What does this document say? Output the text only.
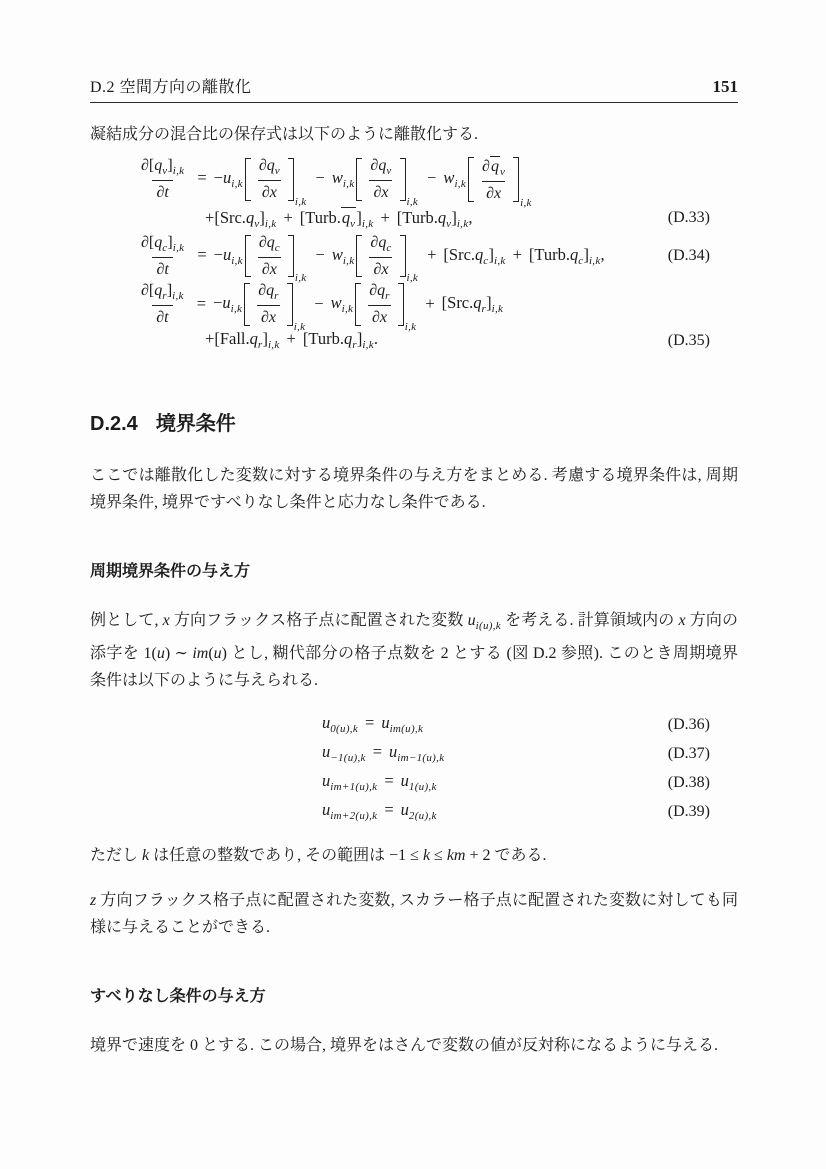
D.2 空間方向の離散化	151

凝結成分の混合比の保存式は以下のように離散化する.

$\frac{\partial[q_v]_{i,k}}{\partial t} = -u_{i,k} \frac{\partial q_v}{\partial x} i,k$
− $w_{i,k} \frac{\partial q_v}{\partial x} i,k$
− $w_{i,k} \frac{\partial q_v}{\partial x} i,k$
$+[Src.q_v]_{i,k}$ + $[Turb.q_v]_{i,k}$ + $[Turb.q_v]_{i,k}$,	(D.33)
$\frac{\partial[q_c]_{i,k}}{\partial t} = -u_{i,k} \frac{\partial q_c}{\partial x} i,k$
− $w_{i,k} \frac{\partial q_c}{\partial x} i,k$
+ $[Src.q_c]_{i,k}$ + $[Turb.q_c]_{i,k}$,	(D.34)
$\frac{\partial[q_r]_{i,k}}{\partial t} = -u_{i,k} \frac{\partial q_r}{\partial x} i,k$
− $w_{i,k} \frac{\partial q_r}{\partial x} i,k$
+ $[Src.q_r]_{i,k}$
$+[Fall.q_r]_{i,k}$ + $[Turb.q_r]_{i,k}$.	(D.35)
D.2.4 境界条件

ここでは離散化した変数に対する境界条件の与え方をまとめる. 考慮する境界条件は, 周期境界条件, 境界ですべりなし条件と応力なし条件である.

周期境界条件の与え方

例として, x 方向フラックス格子点に配置された変数 $u_{i(u),k}$ を考える. 計算領域内の x 方向の添字を 1(u) ∼ im(u) とし, 糊代部分の格子点数を 2 とする (図 D.2 参照). このとき周期境界条件は以下のように与えられる.

$u_{0(u),k} = u_{im(u),k}$	(D.36)
$u_{-1(u),k} = u_{im-1(u),k}$	(D.37)
$u_{im+1(u),k} = u_{1(u),k}$	(D.38)
$u_{im+2(u),k} = u_{2(u),k}$	(D.39)

ただし k は任意の整数であり, その範囲は −1 ≤ k ≤ km + 2 である.

z 方向フラックス格子点に配置された変数, スカラー格子点に配置された変数に対しても同様に与えることができる.

すべりなし条件の与え方

境界で速度を 0 とする. この場合, 境界をはさんで変数の値が反対称になるように与える.
